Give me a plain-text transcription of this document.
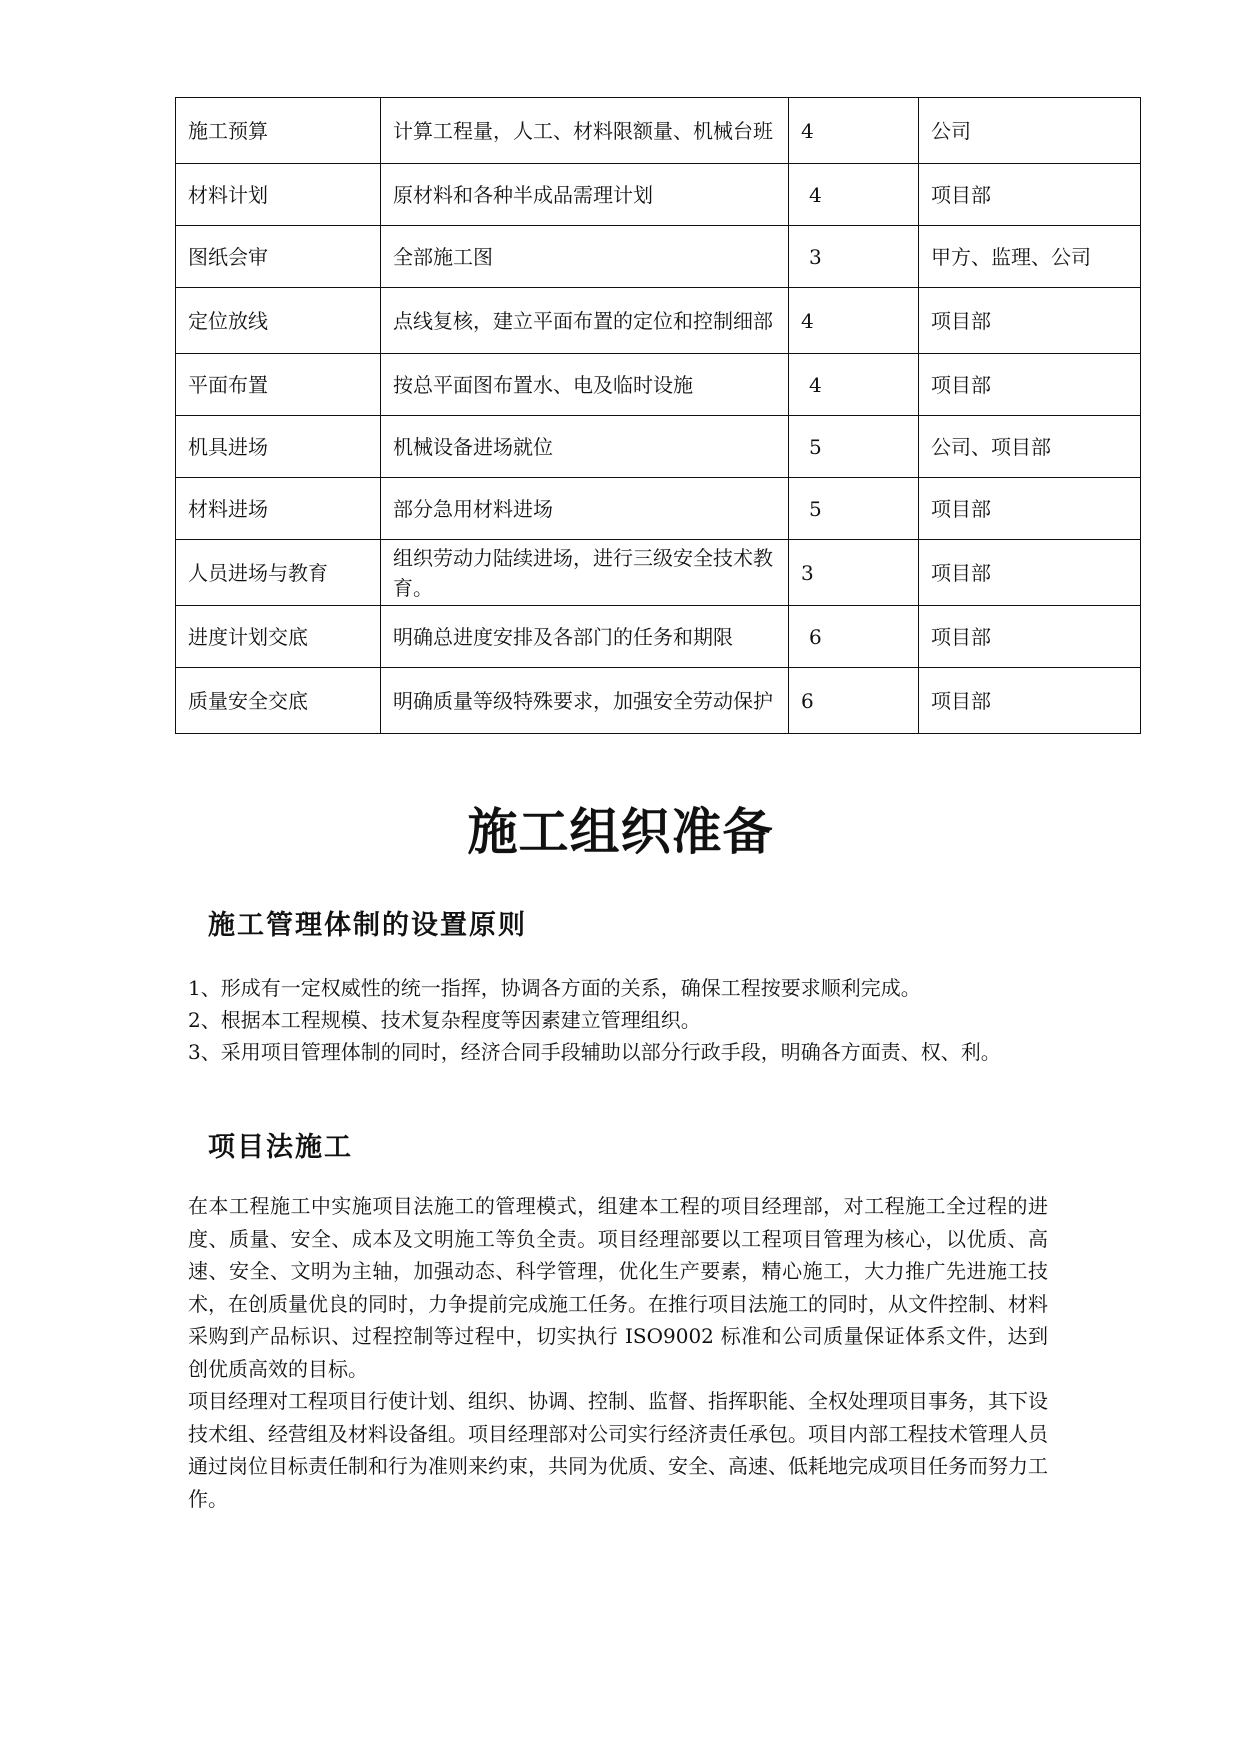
施工预算	计算工程量，人工、材料限额量、机械台班	4	公司
材料计划	原材料和各种半成品需理计划	4	项目部
图纸会审	全部施工图	3	甲方、监理、公司
定位放线	点线复核，建立平面布置的定位和控制细部	4	项目部
平面布置	按总平面图布置水、电及临时设施	4	项目部
机具进场	机械设备进场就位	5	公司、项目部
材料进场	部分急用材料进场	5	项目部
人员进场与教育	组织劳动力陆续进场，进行三级安全技术教育。	3	项目部
进度计划交底	明确总进度安排及各部门的任务和期限	6	项目部
质量安全交底	明确质量等级特殊要求，加强安全劳动保护	6	项目部
施工组织准备
施工管理体制的设置原则
1、形成有一定权威性的统一指挥，协调各方面的关系，确保工程按要求顺利完成。
2、根据本工程规模、技术复杂程度等因素建立管理组织。
3、采用项目管理体制的同时，经济合同手段辅助以部分行政手段，明确各方面责、权、利。
项目法施工

在本工程施工中实施项目法施工的管理模式，组建本工程的项目经理部，对工程施工全过程的进度、质量、安全、成本及文明施工等负全责。项目经理部要以工程项目管理为核心，以优质、高速、安全、文明为主轴，加强动态、科学管理，优化生产要素，精心施工，大力推广先进施工技术，在创质量优良的同时，力争提前完成施工任务。在推行项目法施工的同时，从文件控制、材料采购到产品标识、过程控制等过程中，切实执行 ISO9002 标准和公司质量保证体系文件，达到创优质高效的目标。

项目经理对工程项目行使计划、组织、协调、控制、监督、指挥职能、全权处理项目事务，其下设技术组、经营组及材料设备组。项目经理部对公司实行经济责任承包。项目内部工程技术管理人员通过岗位目标责任制和行为准则来约束，共同为优质、安全、高速、低耗地完成项目任务而努力工作。
